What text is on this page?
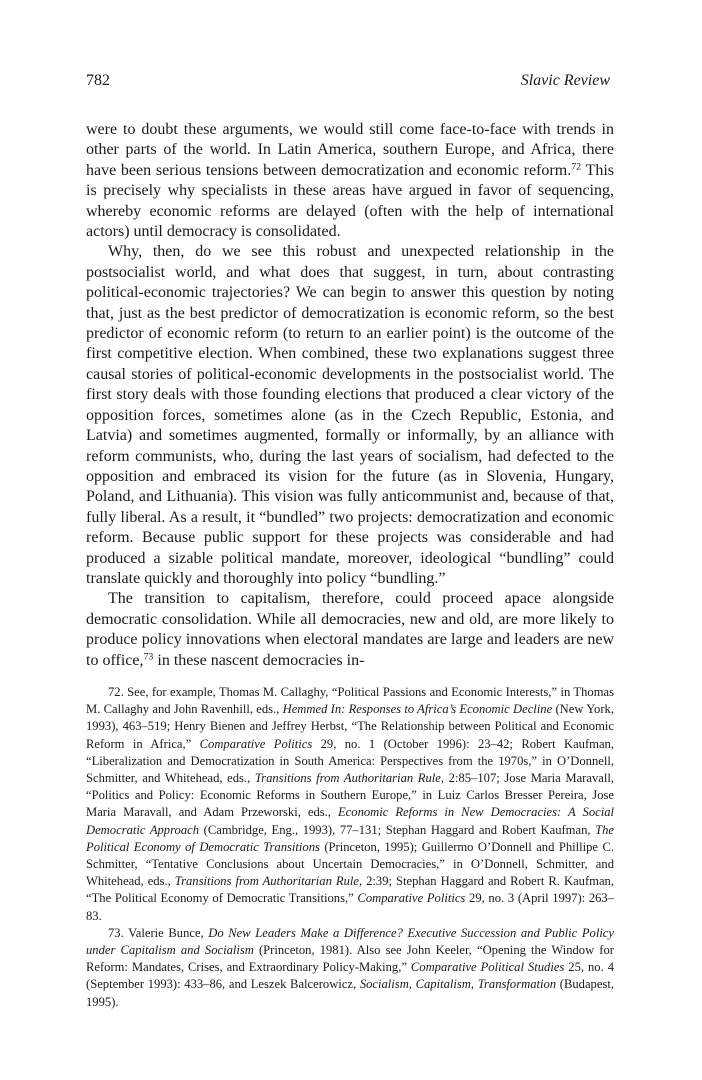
782	Slavic Review

were to doubt these arguments, we would still come face-to-face with trends in other parts of the world. In Latin America, southern Europe, and Africa, there have been serious tensions between democratization and economic reform.$^{72}$ This is precisely why specialists in these areas have argued in favor of sequencing, whereby economic reforms are delayed (often with the help of international actors) until democracy is consolidated.

Why, then, do we see this robust and unexpected relationship in the postsocialist world, and what does that suggest, in turn, about contrasting political-economic trajectories? We can begin to answer this question by noting that, just as the best predictor of democratization is economic reform, so the best predictor of economic reform (to return to an earlier point) is the outcome of the first competitive election. When combined, these two explanations suggest three causal stories of political-economic developments in the postsocialist world. The first story deals with those founding elections that produced a clear victory of the opposition forces, sometimes alone (as in the Czech Republic, Estonia, and Latvia) and sometimes augmented, formally or informally, by an alliance with reform communists, who, during the last years of socialism, had defected to the opposition and embraced its vision for the future (as in Slovenia, Hungary, Poland, and Lithuania). This vision was fully anticommunist and, because of that, fully liberal. As a result, it “bundled” two projects: democratization and economic reform. Because public support for these projects was considerable and had produced a sizable political mandate, moreover, ideological “bundling” could translate quickly and thoroughly into policy “bundling.”

The transition to capitalism, therefore, could proceed apace alongside democratic consolidation. While all democracies, new and old, are more likely to produce policy innovations when electoral mandates are large and leaders are new to office,$^{73}$ in these nascent democracies in-

72. See, for example, Thomas M. Callaghy, “Political Passions and Economic Interests,” in Thomas M. Callaghy and John Ravenhill, eds., Hemmed In: Responses to Africa’s Economic Decline (New York, 1993), 463–519; Henry Bienen and Jeffrey Herbst, “The Relationship between Political and Economic Reform in Africa,” Comparative Politics 29, no. 1 (October 1996): 23–42; Robert Kaufman, “Liberalization and Democratization in South America: Perspectives from the 1970s,” in O’Donnell, Schmitter, and Whitehead, eds., Transitions from Authoritarian Rule, 2:85–107; Jose Maria Maravall, “Politics and Policy: Economic Reforms in Southern Europe,” in Luiz Carlos Bresser Pereira, Jose Maria Maravall, and Adam Przeworski, eds., Economic Reforms in New Democracies: A Social Democratic Approach (Cambridge, Eng., 1993), 77–131; Stephan Haggard and Robert Kaufman, The Political Economy of Democratic Transitions (Princeton, 1995); Guillermo O’Donnell and Phillipe C. Schmitter, “Tentative Conclusions about Uncertain Democracies,” in O’Donnell, Schmitter, and Whitehead, eds., Transitions from Authoritarian Rule, 2:39; Stephan Haggard and Robert R. Kaufman, “The Political Economy of Democratic Transitions,” Comparative Politics 29, no. 3 (April 1997): 263–83.

73. Valerie Bunce, Do New Leaders Make a Difference? Executive Succession and Public Policy under Capitalism and Socialism (Princeton, 1981). Also see John Keeler, “Opening the Window for Reform: Mandates, Crises, and Extraordinary Policy-Making,” Comparative Political Studies 25, no. 4 (September 1993): 433–86, and Leszek Balcerowicz, Socialism, Capitalism, Transformation (Budapest, 1995).
